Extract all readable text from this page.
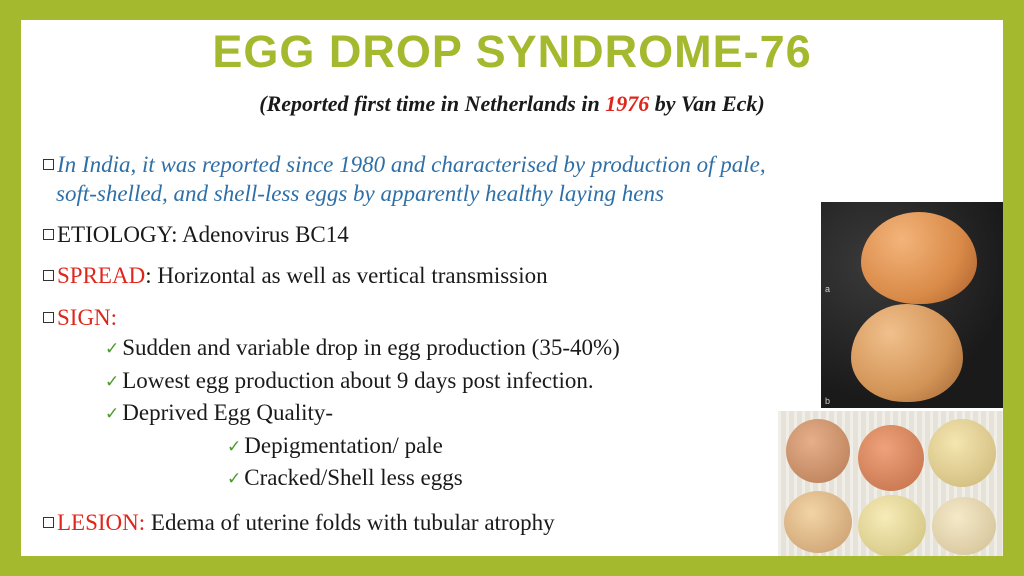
EGG DROP SYNDROME-76
(Reported first time in Netherlands in 1976 by Van Eck)
In India, it was reported since 1980 and characterised by production of pale,
soft-shelled, and shell-less eggs by apparently healthy laying hens
ETIOLOGY: Adenovirus BC14
SPREAD: Horizontal as well as vertical transmission
SIGN:
✓ Sudden and variable drop in egg production (35-40%)
✓ Lowest egg production about 9 days post infection.
✓ Deprived Egg Quality-
✓ Depigmentation/ pale
✓ Cracked/Shell less eggs
LESION: Edema of uterine folds with tubular atrophy
a
b
